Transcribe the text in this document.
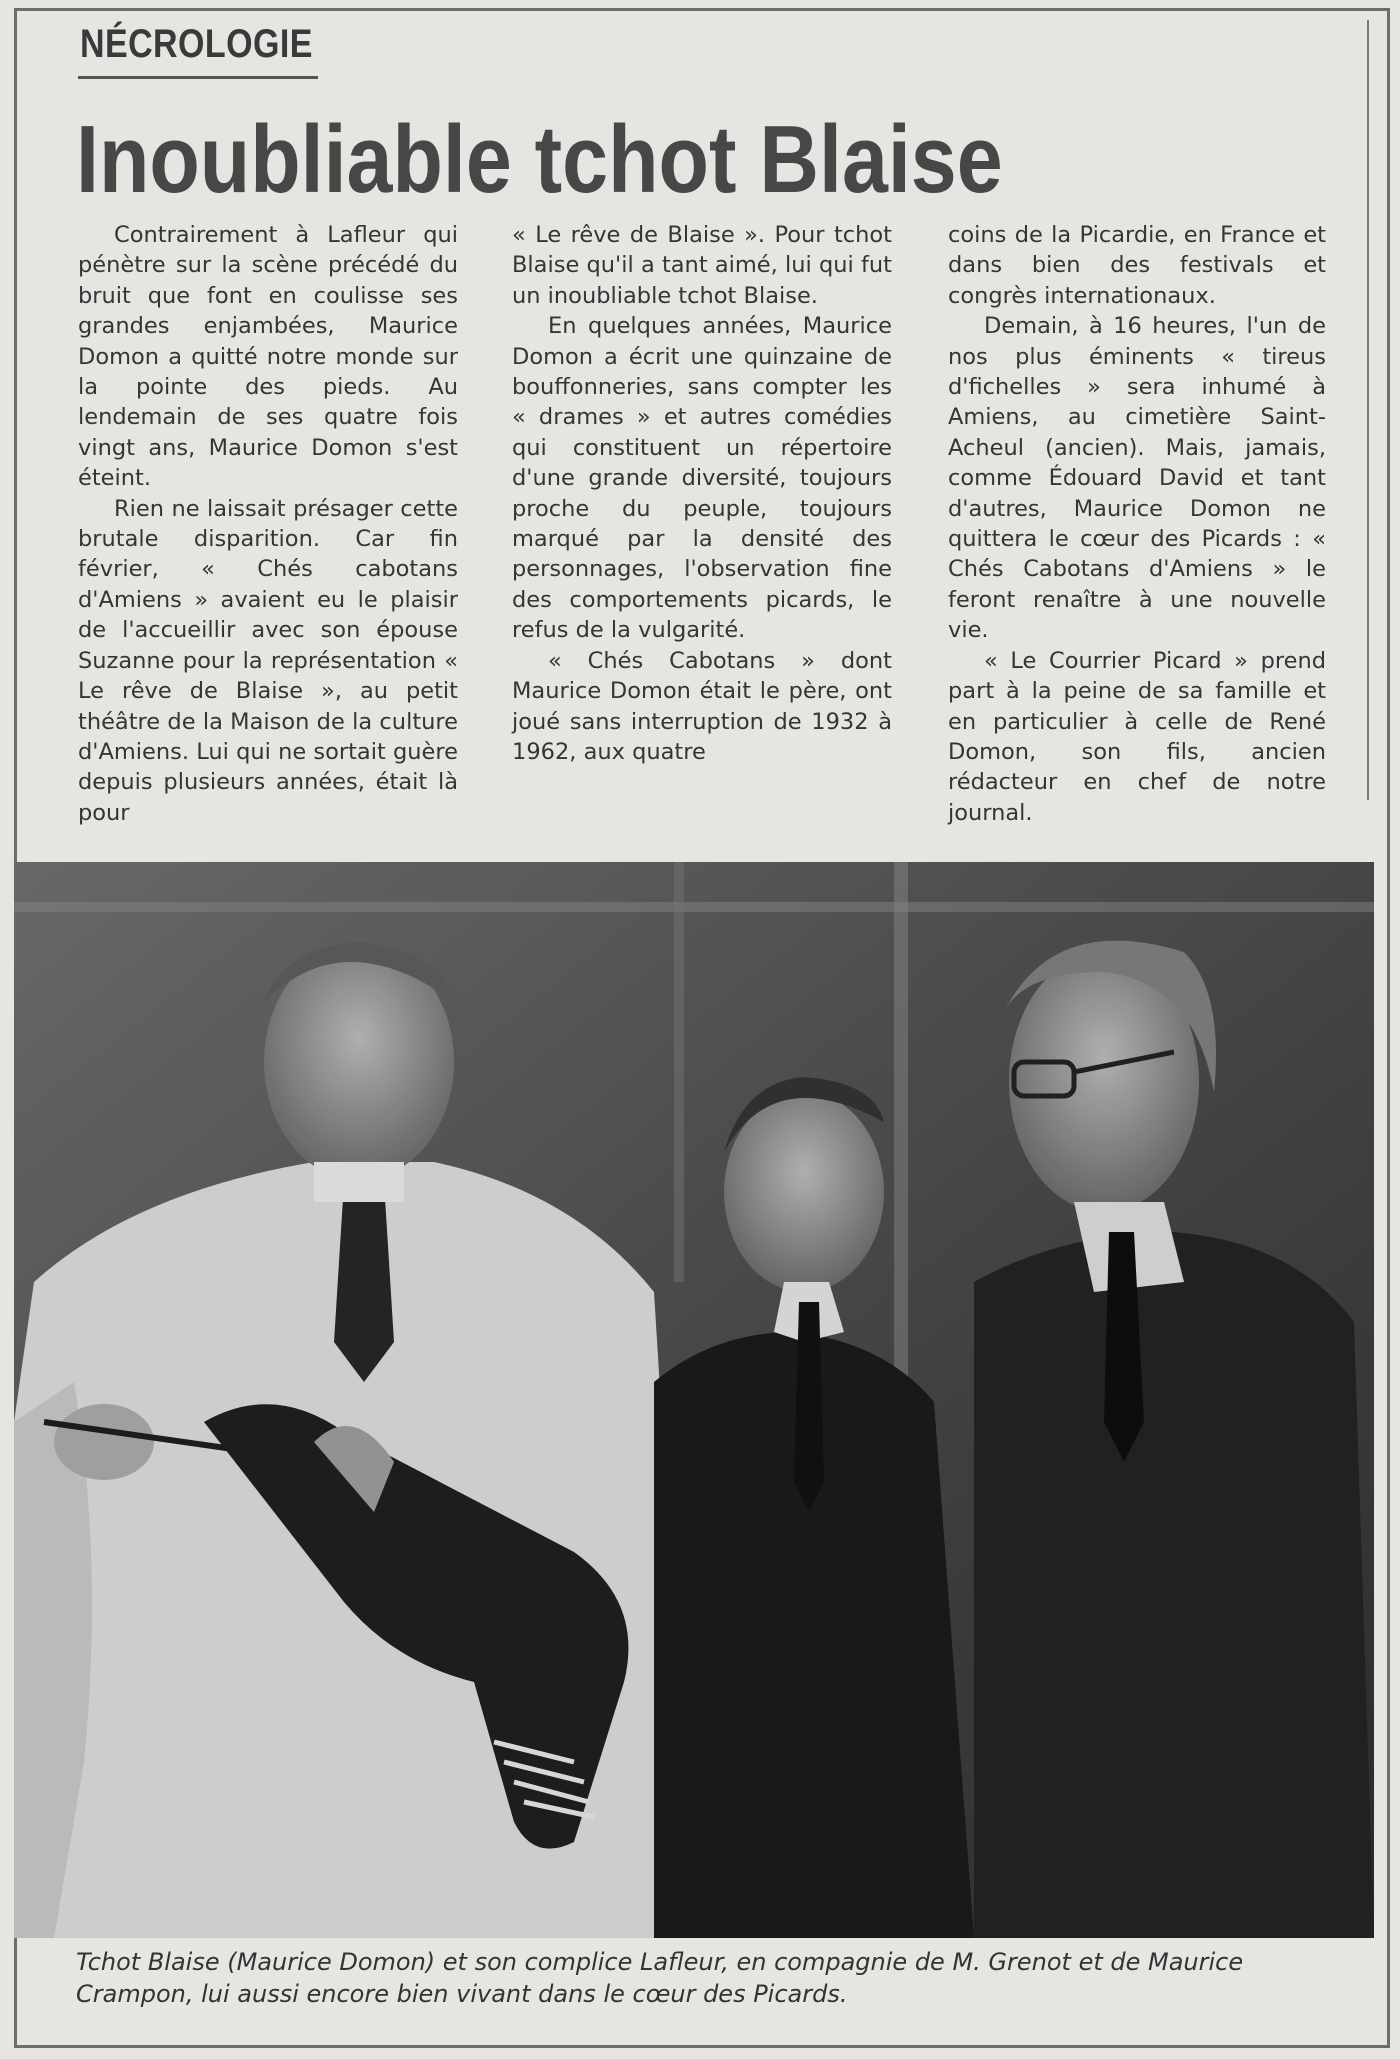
NÉCROLOGIE
Inoubliable tchot Blaise

Contrairement à Lafleur qui pénètre sur la scène précédé du bruit que font en coulisse ses grandes enjambées, Maurice Domon a quitté notre monde sur la pointe des pieds. Au lendemain de ses quatre fois vingt ans, Maurice Domon s'est éteint.

Rien ne laissait présager cette brutale disparition. Car fin février, « Chés cabotans d'Amiens » avaient eu le plaisir de l'accueillir avec son épouse Suzanne pour la représentation « Le rêve de Blaise », au petit théâtre de la Maison de la culture d'Amiens. Lui qui ne sortait guère depuis plusieurs années, était là pour

« Le rêve de Blaise ». Pour tchot Blaise qu'il a tant aimé, lui qui fut un inoubliable tchot Blaise.

En quelques années, Maurice Domon a écrit une quinzaine de bouffonneries, sans compter les « drames » et autres comédies qui constituent un répertoire d'une grande diversité, toujours proche du peuple, toujours marqué par la densité des personnages, l'observation fine des comportements picards, le refus de la vulgarité.

« Chés Cabotans » dont Maurice Domon était le père, ont joué sans interruption de 1932 à 1962, aux quatre

coins de la Picardie, en France et dans bien des festivals et congrès internationaux.

Demain, à 16 heures, l'un de nos plus éminents « tireus d'fichelles » sera inhumé à Amiens, au cimetière Saint-Acheul (ancien). Mais, jamais, comme Édouard David et tant d'autres, Maurice Domon ne quittera le cœur des Picards : « Chés Cabotans d'Amiens » le feront renaître à une nouvelle vie.

« Le Courrier Picard » prend part à la peine de sa famille et en particulier à celle de René Domon, son fils, ancien rédacteur en chef de notre journal.

Tchot Blaise (Maurice Domon) et son complice Lafleur, en compagnie de M. Grenot et de Maurice Crampon, lui aussi encore bien vivant dans le cœur des Picards.
